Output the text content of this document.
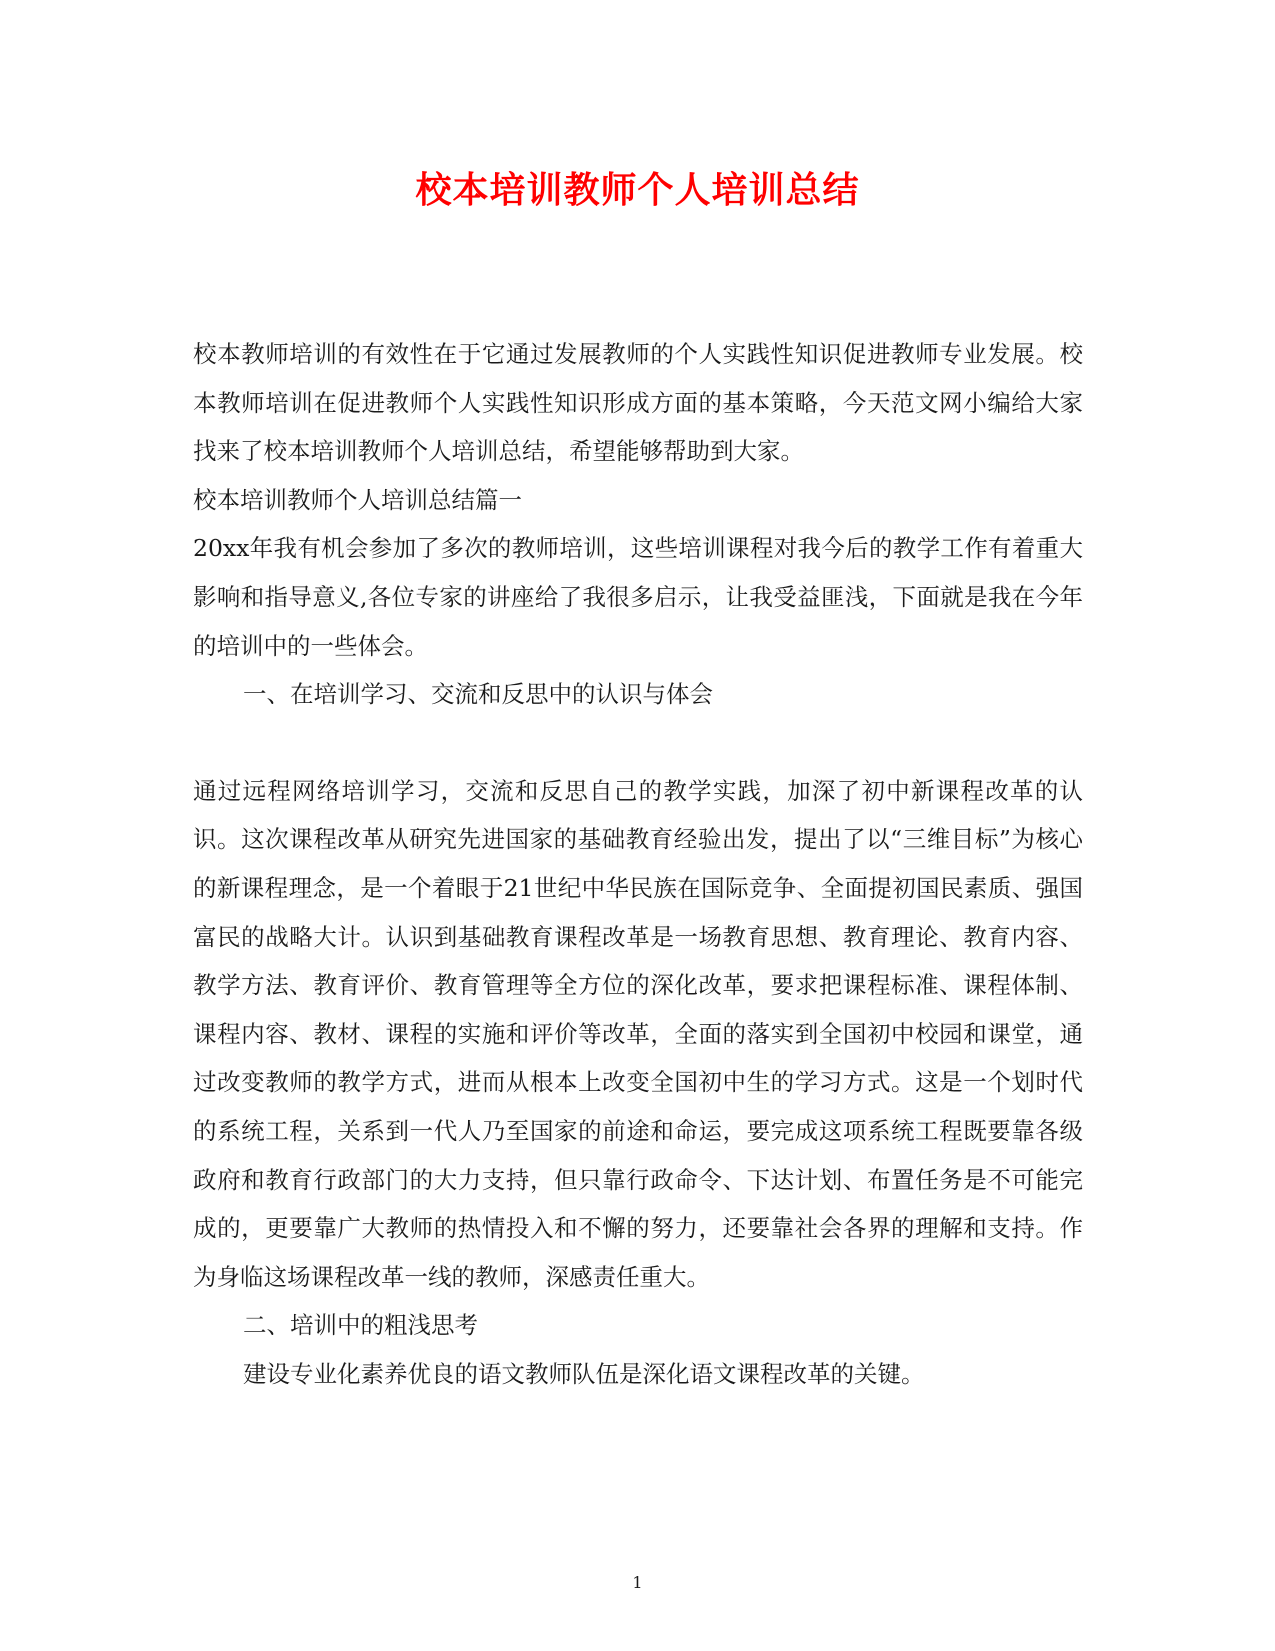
校本培训教师个人培训总结

校本教师培训的有效性在于它通过发展教师的个人实践性知识促进教师专业发展。校本教师培训在促进教师个人实践性知识形成方面的基本策略，今天范文网小编给大家找来了校本培训教师个人培训总结，希望能够帮助到大家。

校本培训教师个人培训总结篇一

20xx年我有机会参加了多次的教师培训，这些培训课程对我今后的教学工作有着重大影响和指导意义,各位专家的讲座给了我很多启示，让我受益匪浅，下面就是我在今年的培训中的一些体会。

一、在培训学习、交流和反思中的认识与体会

通过远程网络培训学习，交流和反思自己的教学实践，加深了初中新课程改革的认识。这次课程改革从研究先进国家的基础教育经验出发，提出了以“三维目标”为核心的新课程理念，是一个着眼于21世纪中华民族在国际竞争、全面提初国民素质、强国富民的战略大计。认识到基础教育课程改革是一场教育思想、教育理论、教育内容、教学方法、教育评价、教育管理等全方位的深化改革，要求把课程标准、课程体制、课程内容、教材、课程的实施和评价等改革，全面的落实到全国初中校园和课堂，通过改变教师的教学方式，进而从根本上改变全国初中生的学习方式。这是一个划时代的系统工程，关系到一代人乃至国家的前途和命运，要完成这项系统工程既要靠各级政府和教育行政部门的大力支持，但只靠行政命令、下达计划、布置任务是不可能完成的，更要靠广大教师的热情投入和不懈的努力，还要靠社会各界的理解和支持。作为身临这场课程改革一线的教师，深感责任重大。

二、培训中的粗浅思考

建设专业化素养优良的语文教师队伍是深化语文课程改革的关键。

1
